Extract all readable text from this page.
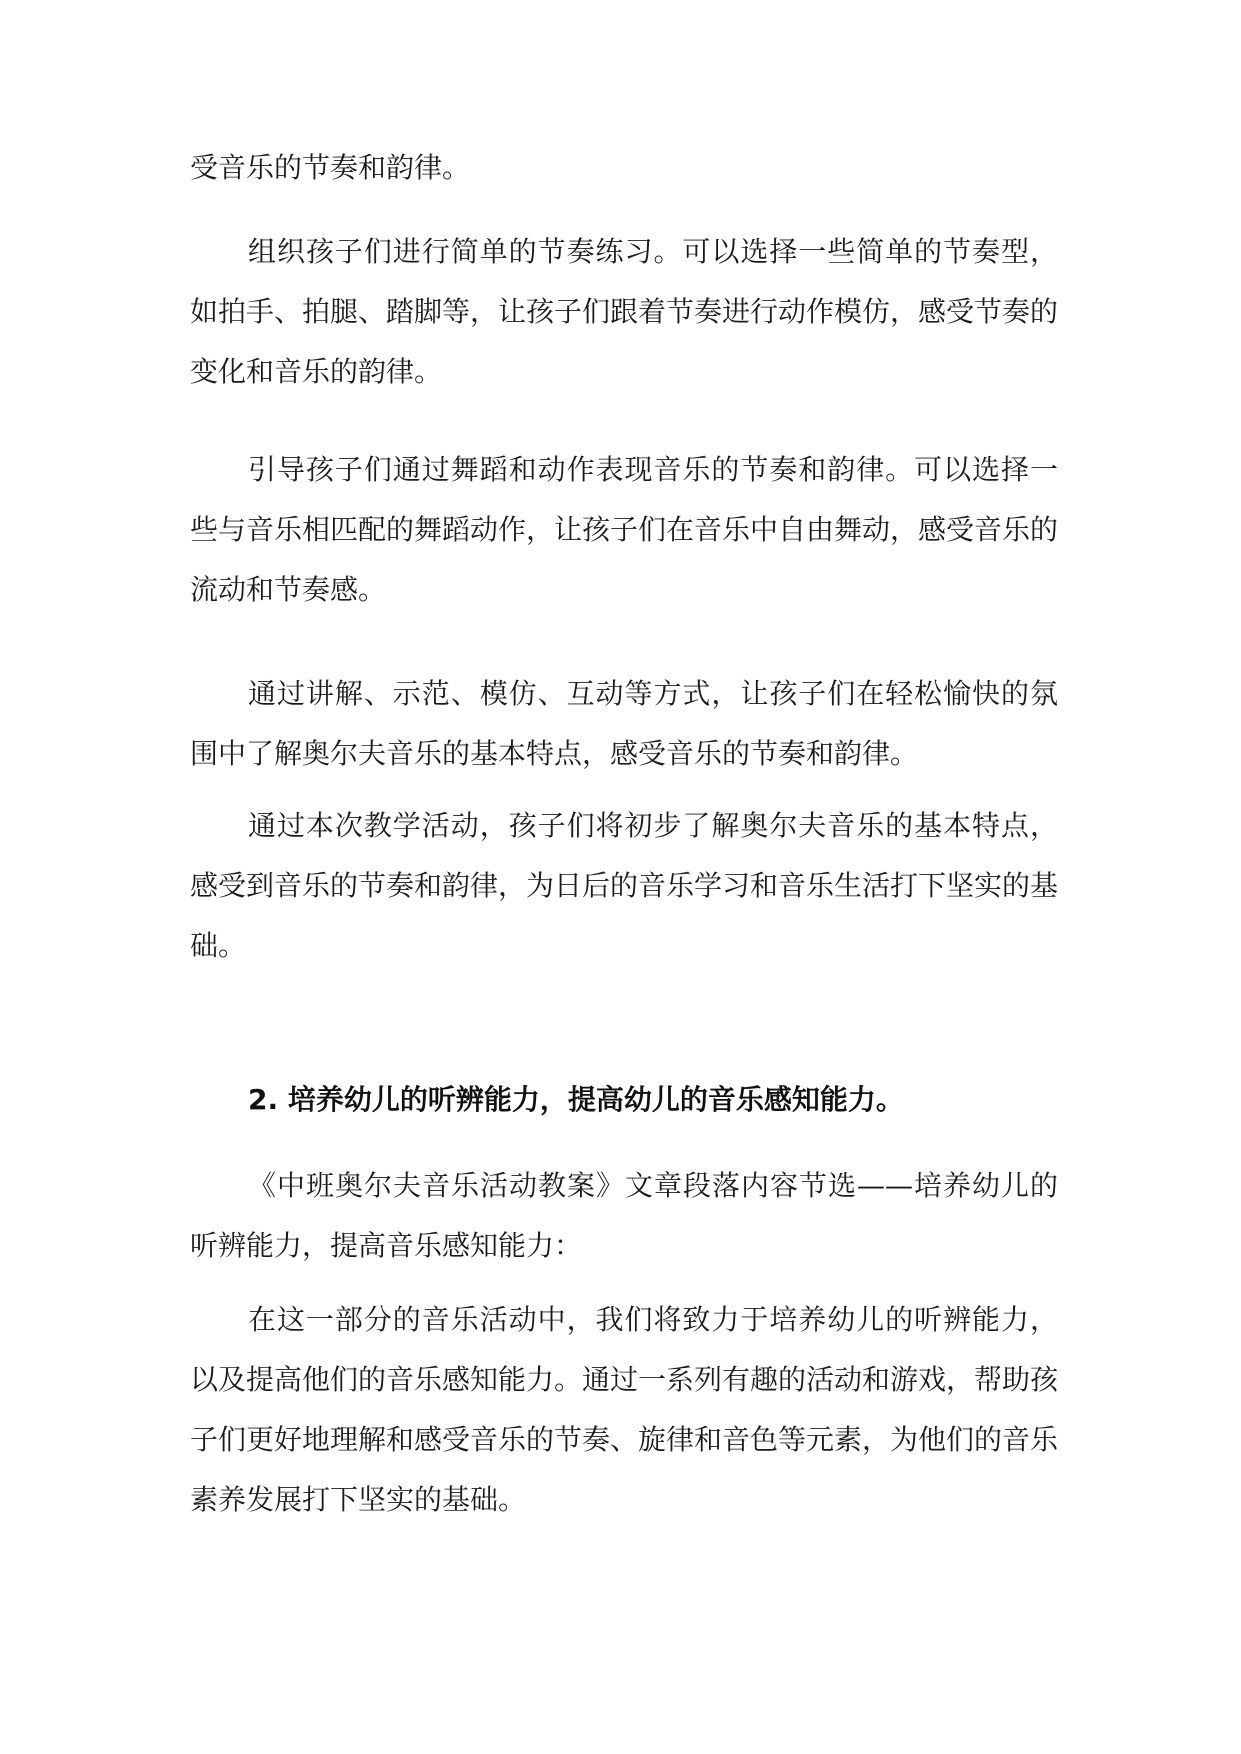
受音乐的节奏和韵律。

组织孩子们进行简单的节奏练习。可以选择一些简单的节奏型，如拍手、拍腿、踏脚等，让孩子们跟着节奏进行动作模仿，感受节奏的变化和音乐的韵律。

引导孩子们通过舞蹈和动作表现音乐的节奏和韵律。可以选择一些与音乐相匹配的舞蹈动作，让孩子们在音乐中自由舞动，感受音乐的流动和节奏感。

通过讲解、示范、模仿、互动等方式，让孩子们在轻松愉快的氛围中了解奥尔夫音乐的基本特点，感受音乐的节奏和韵律。

通过本次教学活动，孩子们将初步了解奥尔夫音乐的基本特点，感受到音乐的节奏和韵律，为日后的音乐学习和音乐生活打下坚实的基础。

2. 培养幼儿的听辨能力，提高幼儿的音乐感知能力。

《中班奥尔夫音乐活动教案》文章段落内容节选——培养幼儿的听辨能力，提高音乐感知能力：

在这一部分的音乐活动中，我们将致力于培养幼儿的听辨能力，以及提高他们的音乐感知能力。通过一系列有趣的活动和游戏，帮助孩子们更好地理解和感受音乐的节奏、旋律和音色等元素，为他们的音乐素养发展打下坚实的基础。
